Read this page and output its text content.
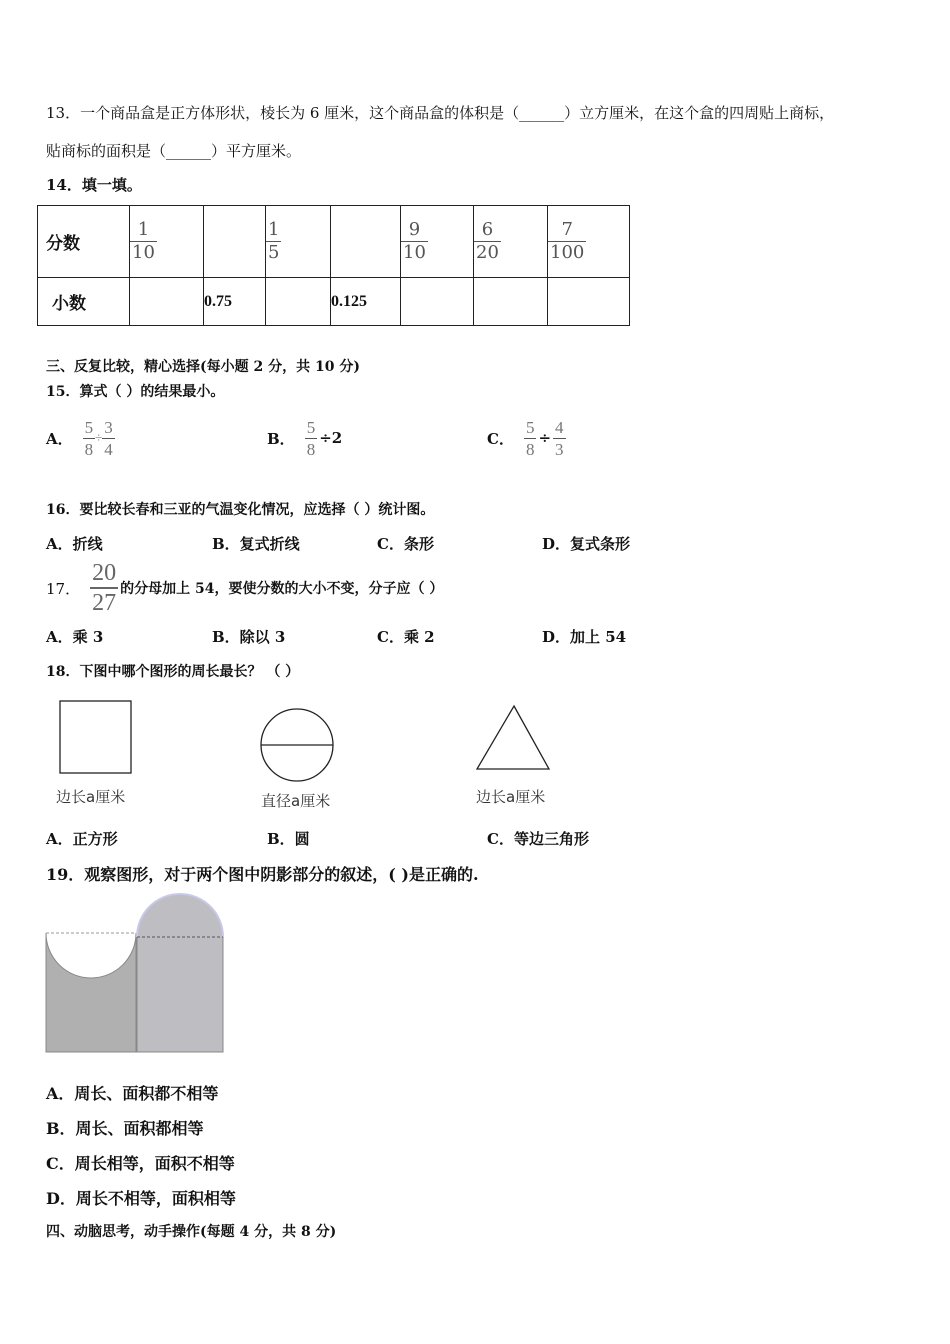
13．一个商品盒是正方体形状，棱长为 6 厘米，这个商品盒的体积是（______）立方厘米，在这个盒的四周贴上商标，
贴商标的面积是（______）平方厘米。
14．填一填。
分数	$\frac{1}{10}$		$\frac{1}{5}$		$\frac{9}{10}$	$\frac{6}{20}$	$\frac{7}{100}$

小数		0.75		0.125			
三、反复比较，精心选择(每小题 2 分，共 10 分)
15．算式（ ）的结果最小。
A． $\frac{5}{8} \div \frac{3}{4}$	B． $\frac{5}{8} \div 2$	C． $\frac{5}{8} \div \frac{4}{3}$
16．要比较长春和三亚的气温变化情况，应选择（ ）统计图。
A．折线	B．复式折线	C．条形	D．复式条形
17． $\frac{20}{27}$ 的分母加上 54，要使分数的大小不变，分子应（ ）
A．乘 3	B．除以 3	C．乘 2	D．加上 54
18．下图中哪个图形的周长最长？ （ ）
边长a厘米	直径a厘米	边长a厘米
A．正方形	B．圆	C．等边三角形
19．观察图形，对于两个图中阴影部分的叙述，( )是正确的.
A．周长、面积都不相等
B．周长、面积都相等
C．周长相等，面积不相等
D．周长不相等，面积相等
四、动脑思考，动手操作(每题 4 分，共 8 分)
